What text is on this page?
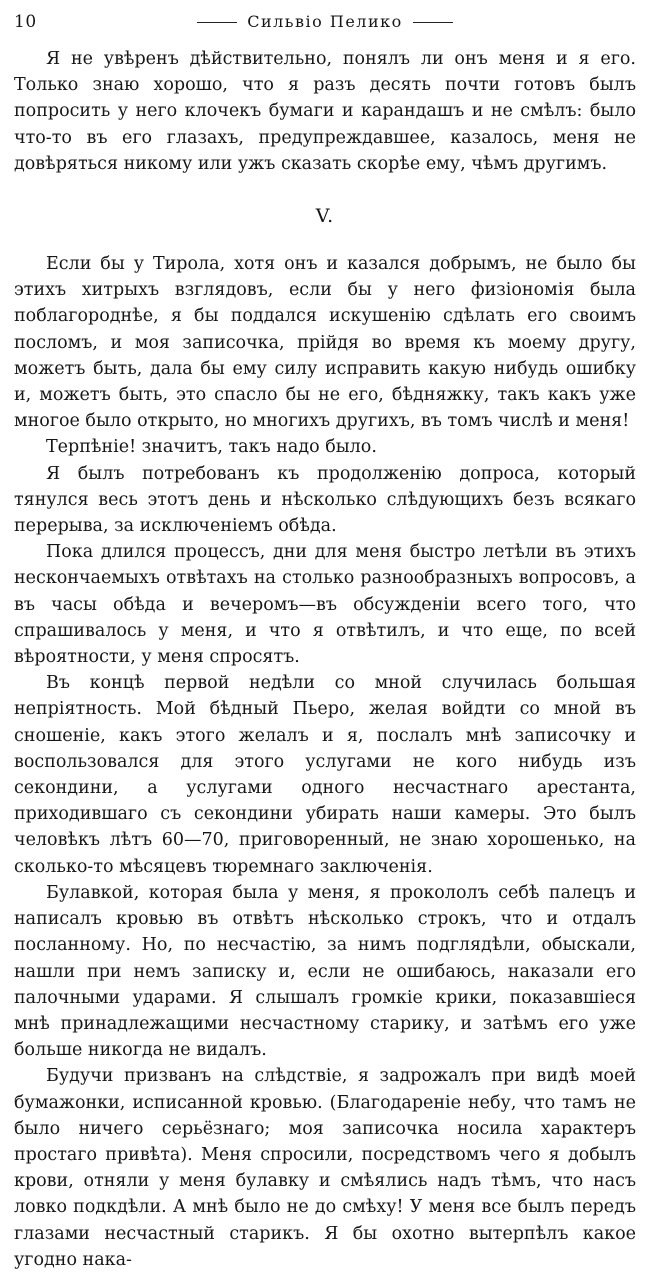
10	Сильвіо Пелико

Я не увѣренъ дѣйствительно, понялъ ли онъ меня и я его. Только знаю хорошо, что я разъ десять почти готовъ былъ попросить у него клочекъ бумаги и карандашъ и не смѣлъ: было что-то въ его глазахъ, предупреждавшее, казалось, меня не довѣряться никому или ужъ сказать скорѣе ему, чѣмъ другимъ.

V.

Если бы у Тирола, хотя онъ и казался добрымъ, не было бы этихъ хитрыхъ взглядовъ, если бы у него физіономія была поблагороднѣе, я бы поддался искушенію сдѣлать его своимъ посломъ, и моя записочка, прійдя во время къ моему другу, можетъ быть, дала бы ему силу исправить какую нибудь ошибку и, можетъ быть, это спасло бы не его, бѣдняжку, такъ какъ уже многое было открыто, но многихъ другихъ, въ томъ числѣ и меня!

Терпѣніе! значитъ, такъ надо было.

Я былъ потребованъ къ продолженію допроса, который тянулся весь этотъ день и нѣсколько слѣдующихъ безъ всякаго перерыва, за исключеніемъ обѣда.

Пока длился процессъ, дни для меня быстро летѣли въ этихъ нескончаемыхъ отвѣтахъ на столько разнообразныхъ вопросовъ, а въ часы обѣда и вечеромъ—въ обсужденіи всего того, что спрашивалось у меня, и что я отвѣтилъ, и что еще, по всей вѣроятности, у меня спросятъ.

Въ концѣ первой недѣли со мной случилась большая непріятность. Мой бѣдный Пьеро, желая войдти со мной въ сношеніе, какъ этого желалъ и я, послалъ мнѣ записочку и воспользовался для этого услугами не кого нибудь изъ секондини, а услугами одного несчастнаго арестанта, приходившаго съ секондини убирать наши камеры. Это былъ человѣкъ лѣтъ 60—70, приговоренный, не знаю хорошенько, на сколько-то мѣсяцевъ тюремнаго заключенія.

Булавкой, которая была у меня, я прокололъ себѣ палецъ и написалъ кровью въ отвѣтъ нѣсколько строкъ, что и отдалъ посланному. Но, по несчастію, за нимъ подглядѣли, обыскали, нашли при немъ записку и, если не ошибаюсь, наказали его палочными ударами. Я слышалъ громкіе крики, показавшіеся мнѣ принадлежащими несчастному старику, и затѣмъ его уже больше никогда не видалъ.

Будучи призванъ на слѣдствіе, я задрожалъ при видѣ моей бумажонки, исписанной кровью. (Благодареніе небу, что тамъ не было ничего серьёзнаго; моя записочка носила характеръ простаго привѣта). Меня спросили, посредствомъ чего я добылъ крови, отняли у меня булавку и смѣялись надъ тѣмъ, что насъ ловко подкдѣли. А мнѣ было не до смѣху! У меня все былъ передъ глазами несчастный старикъ. Я бы охотно вытерпѣлъ какое угодно нака-
